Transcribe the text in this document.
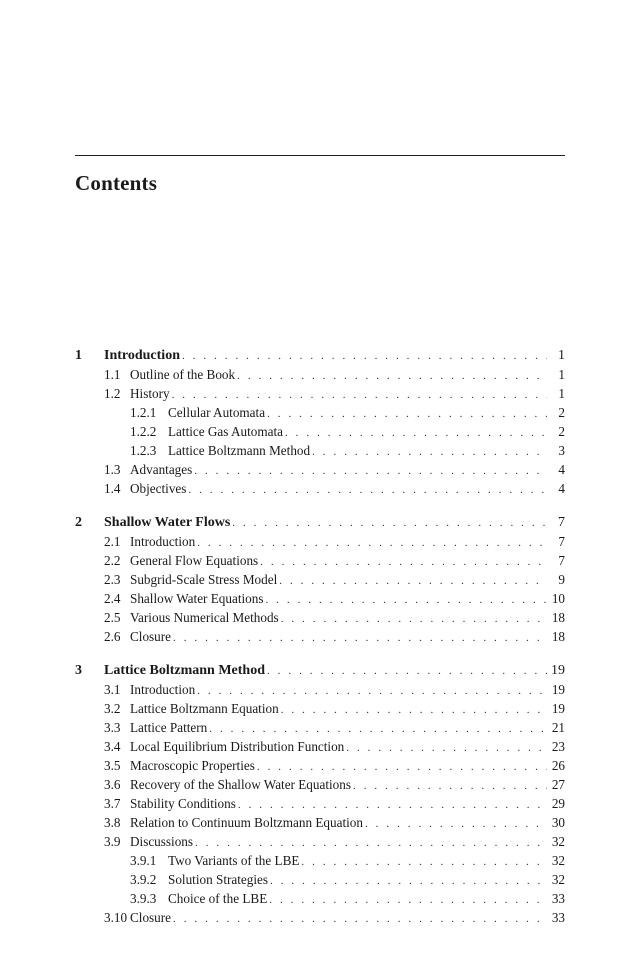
Contents
1	Introduction . . .	1
1.1 Outline of the Book . . .	1
1.2 History . . .	1
1.2.1 Cellular Automata . . .	2
1.2.2 Lattice Gas Automata . . .	2
1.2.3 Lattice Boltzmann Method . . .	3
1.3 Advantages . . .	4
1.4 Objectives . . .	4
2	Shallow Water Flows . . .	7
2.1 Introduction . . .	7
2.2 General Flow Equations . . .	7
2.3 Subgrid-Scale Stress Model . . .	9
2.4 Shallow Water Equations . . .	10
2.5 Various Numerical Methods . . .	18
2.6 Closure . . .	18
3	Lattice Boltzmann Method . . .	19
3.1 Introduction . . .	19
3.2 Lattice Boltzmann Equation . . .	19
3.3 Lattice Pattern . . .	21
3.4 Local Equilibrium Distribution Function . . .	23
3.5 Macroscopic Properties . . .	26
3.6 Recovery of the Shallow Water Equations . . .	27
3.7 Stability Conditions . . .	29
3.8 Relation to Continuum Boltzmann Equation . . .	30
3.9 Discussions . . .	32
3.9.1 Two Variants of the LBE . . .	32
3.9.2 Solution Strategies . . .	32
3.9.3 Choice of the LBE . . .	33
3.10 Closure . . .	33
